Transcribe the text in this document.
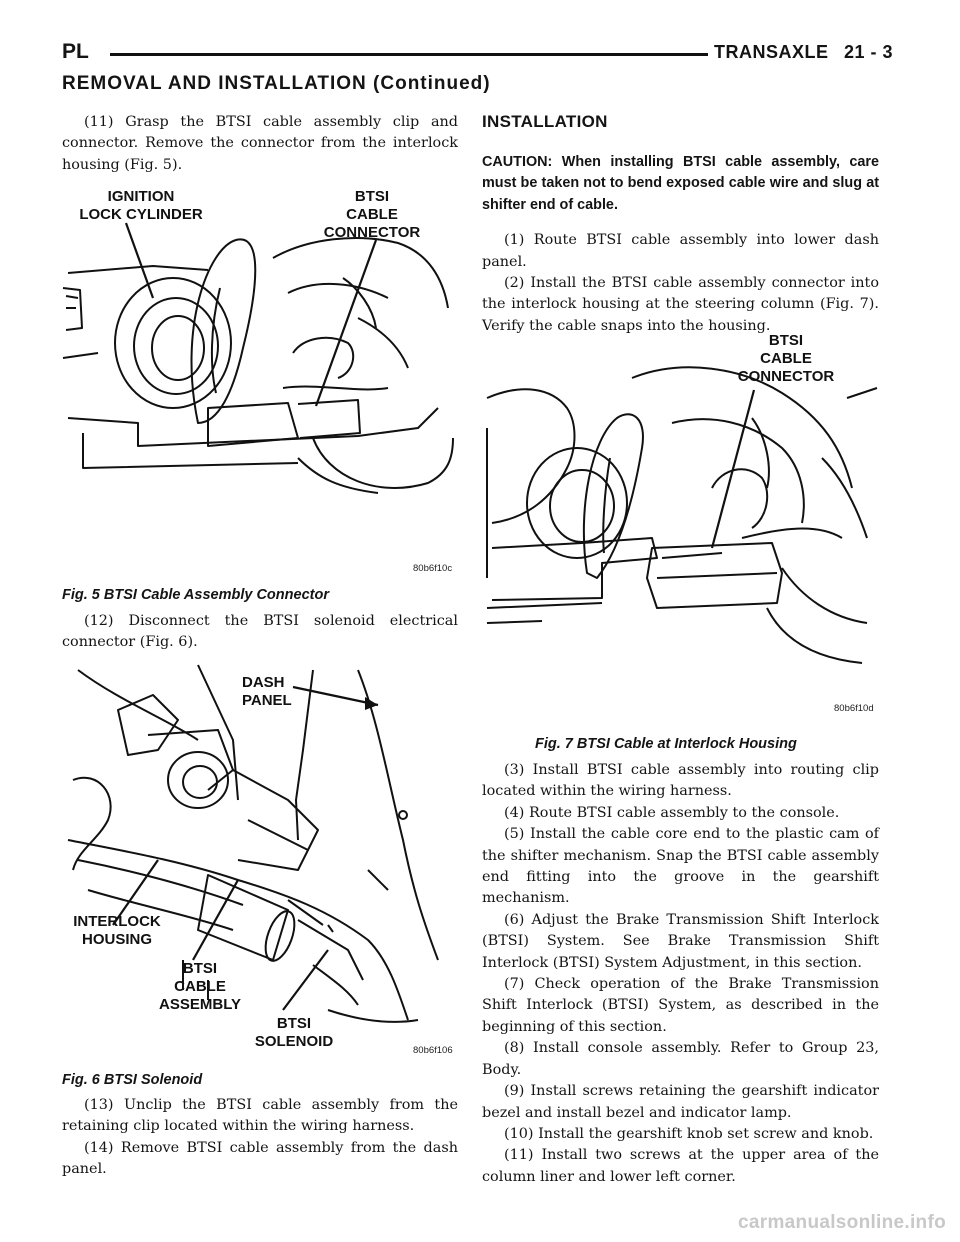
PL	TRANSAXLE 21 - 3
REMOVAL AND INSTALLATION (Continued)

(11) Grasp the BTSI cable assembly clip and connector. Remove the connector from the interlock housing (Fig. 5).

IGNITION
LOCK CYLINDER
BTSI
CABLE
CONNECTOR
80b6f10c
Fig. 5 BTSI Cable Assembly Connector

(12) Disconnect the BTSI solenoid electrical connector (Fig. 6).

DASH
PANEL
INTERLOCK
HOUSING
BTSI
CABLE
ASSEMBLY
BTSI
SOLENOID
80b6f106
Fig. 6 BTSI Solenoid

(13) Unclip the BTSI cable assembly from the retaining clip located within the wiring harness.

(14) Remove BTSI cable assembly from the dash panel.

INSTALLATION

CAUTION: When installing BTSI cable assembly, care must be taken not to bend exposed cable wire and slug at shifter end of cable.

(1) Route BTSI cable assembly into lower dash panel.

(2) Install the BTSI cable assembly connector into the interlock housing at the steering column (Fig. 7). Verify the cable snaps into the housing.

BTSI
CABLE
CONNECTOR
80b6f10d
Fig. 7 BTSI Cable at Interlock Housing

(3) Install BTSI cable assembly into routing clip located within the wiring harness.

(4) Route BTSI cable assembly to the console.

(5) Install the cable core end to the plastic cam of the shifter mechanism. Snap the BTSI cable assembly end fitting into the groove in the gearshift mechanism.

(6) Adjust the Brake Transmission Shift Interlock (BTSI) System. See Brake Transmission Shift Interlock (BTSI) System Adjustment, in this section.

(7) Check operation of the Brake Transmission Shift Interlock (BTSI) System, as described in the beginning of this section.

(8) Install console assembly. Refer to Group 23, Body.

(9) Install screws retaining the gearshift indicator bezel and install bezel and indicator lamp.

(10) Install the gearshift knob set screw and knob.

(11) Install two screws at the upper area of the column liner and lower left corner.

carmanualsonline.info
